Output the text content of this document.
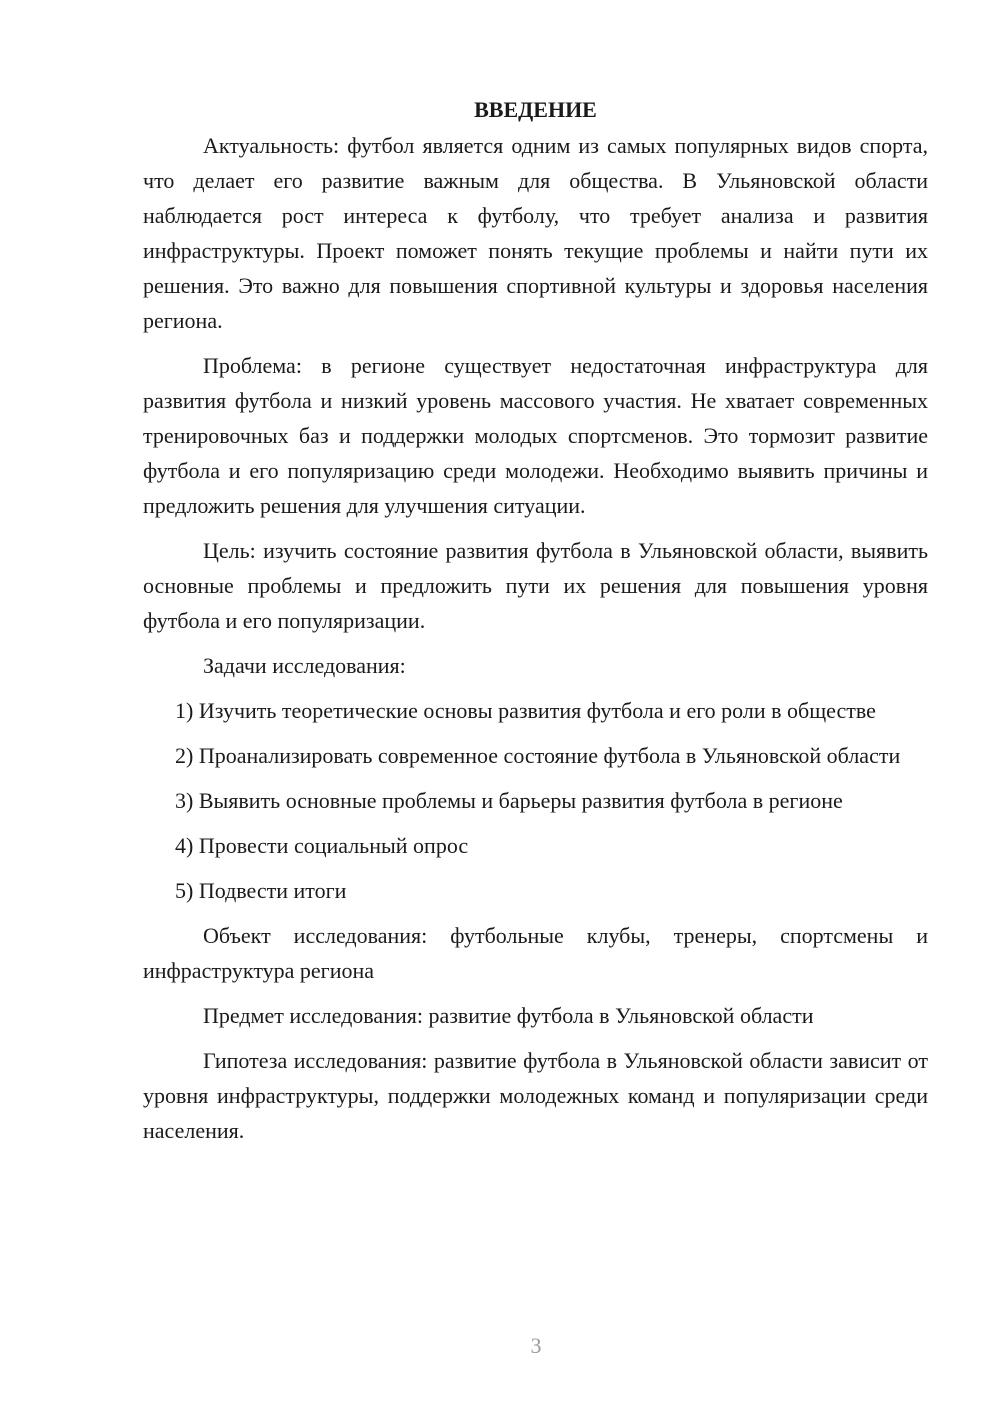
ВВЕДЕНИЕ

Актуальность: футбол является одним из самых популярных видов спорта, что делает его развитие важным для общества. В Ульяновской области наблюдается рост интереса к футболу, что требует анализа и развития инфраструктуры. Проект поможет понять текущие проблемы и найти пути их решения. Это важно для повышения спортивной культуры и здоровья населения региона.

Проблема: в регионе существует недостаточная инфраструктура для развития футбола и низкий уровень массового участия. Не хватает современных тренировочных баз и поддержки молодых спортсменов. Это тормозит развитие футбола и его популяризацию среди молодежи. Необходимо выявить причины и предложить решения для улучшения ситуации.

Цель: изучить состояние развития футбола в Ульяновской области, выявить основные проблемы и предложить пути их решения для повышения уровня футбола и его популяризации.

Задачи исследования:

1) Изучить теоретические основы развития футбола и его роли в обществе

2) Проанализировать современное состояние футбола в Ульяновской области

3) Выявить основные проблемы и барьеры развития футбола в регионе

4) Провести социальный опрос

5) Подвести итоги

Объект исследования: футбольные клубы, тренеры, спортсмены и инфраструктура региона

Предмет исследования: развитие футбола в Ульяновской области

Гипотеза исследования: развитие футбола в Ульяновской области зависит от уровня инфраструктуры, поддержки молодежных команд и популяризации среди населения.

3
